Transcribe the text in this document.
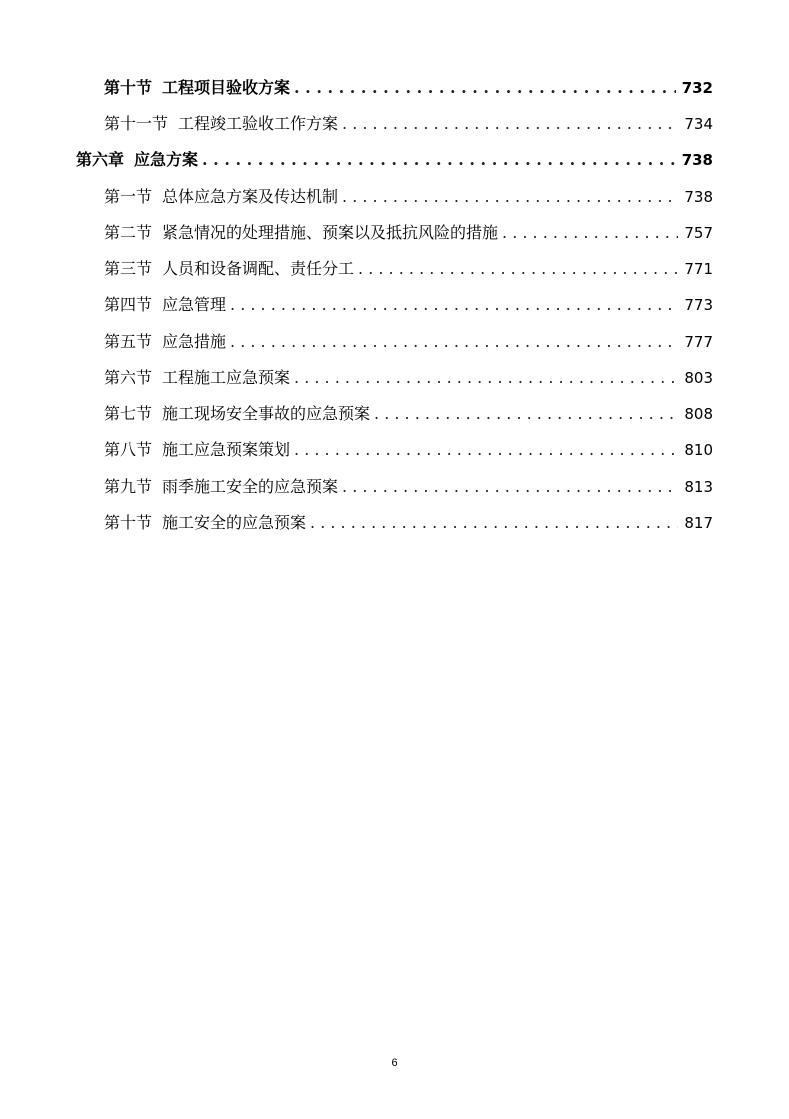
第十节 工程项目验收方案 . . .	732
第十一节 工程竣工验收工作方案 . . .	734
第六章 应急方案 . . .	738
第一节 总体应急方案及传达机制 . . .	738
第二节 紧急情况的处理措施、预案以及抵抗风险的措施 . . .	757
第三节 人员和设备调配、责任分工 . . .	771
第四节 应急管理 . . .	773
第五节 应急措施 . . .	777
第六节 工程施工应急预案 . . .	803
第七节 施工现场安全事故的应急预案 . . .	808
第八节 施工应急预案策划 . . .	810
第九节 雨季施工安全的应急预案 . . .	813
第十节 施工安全的应急预案 . . .	817
6
